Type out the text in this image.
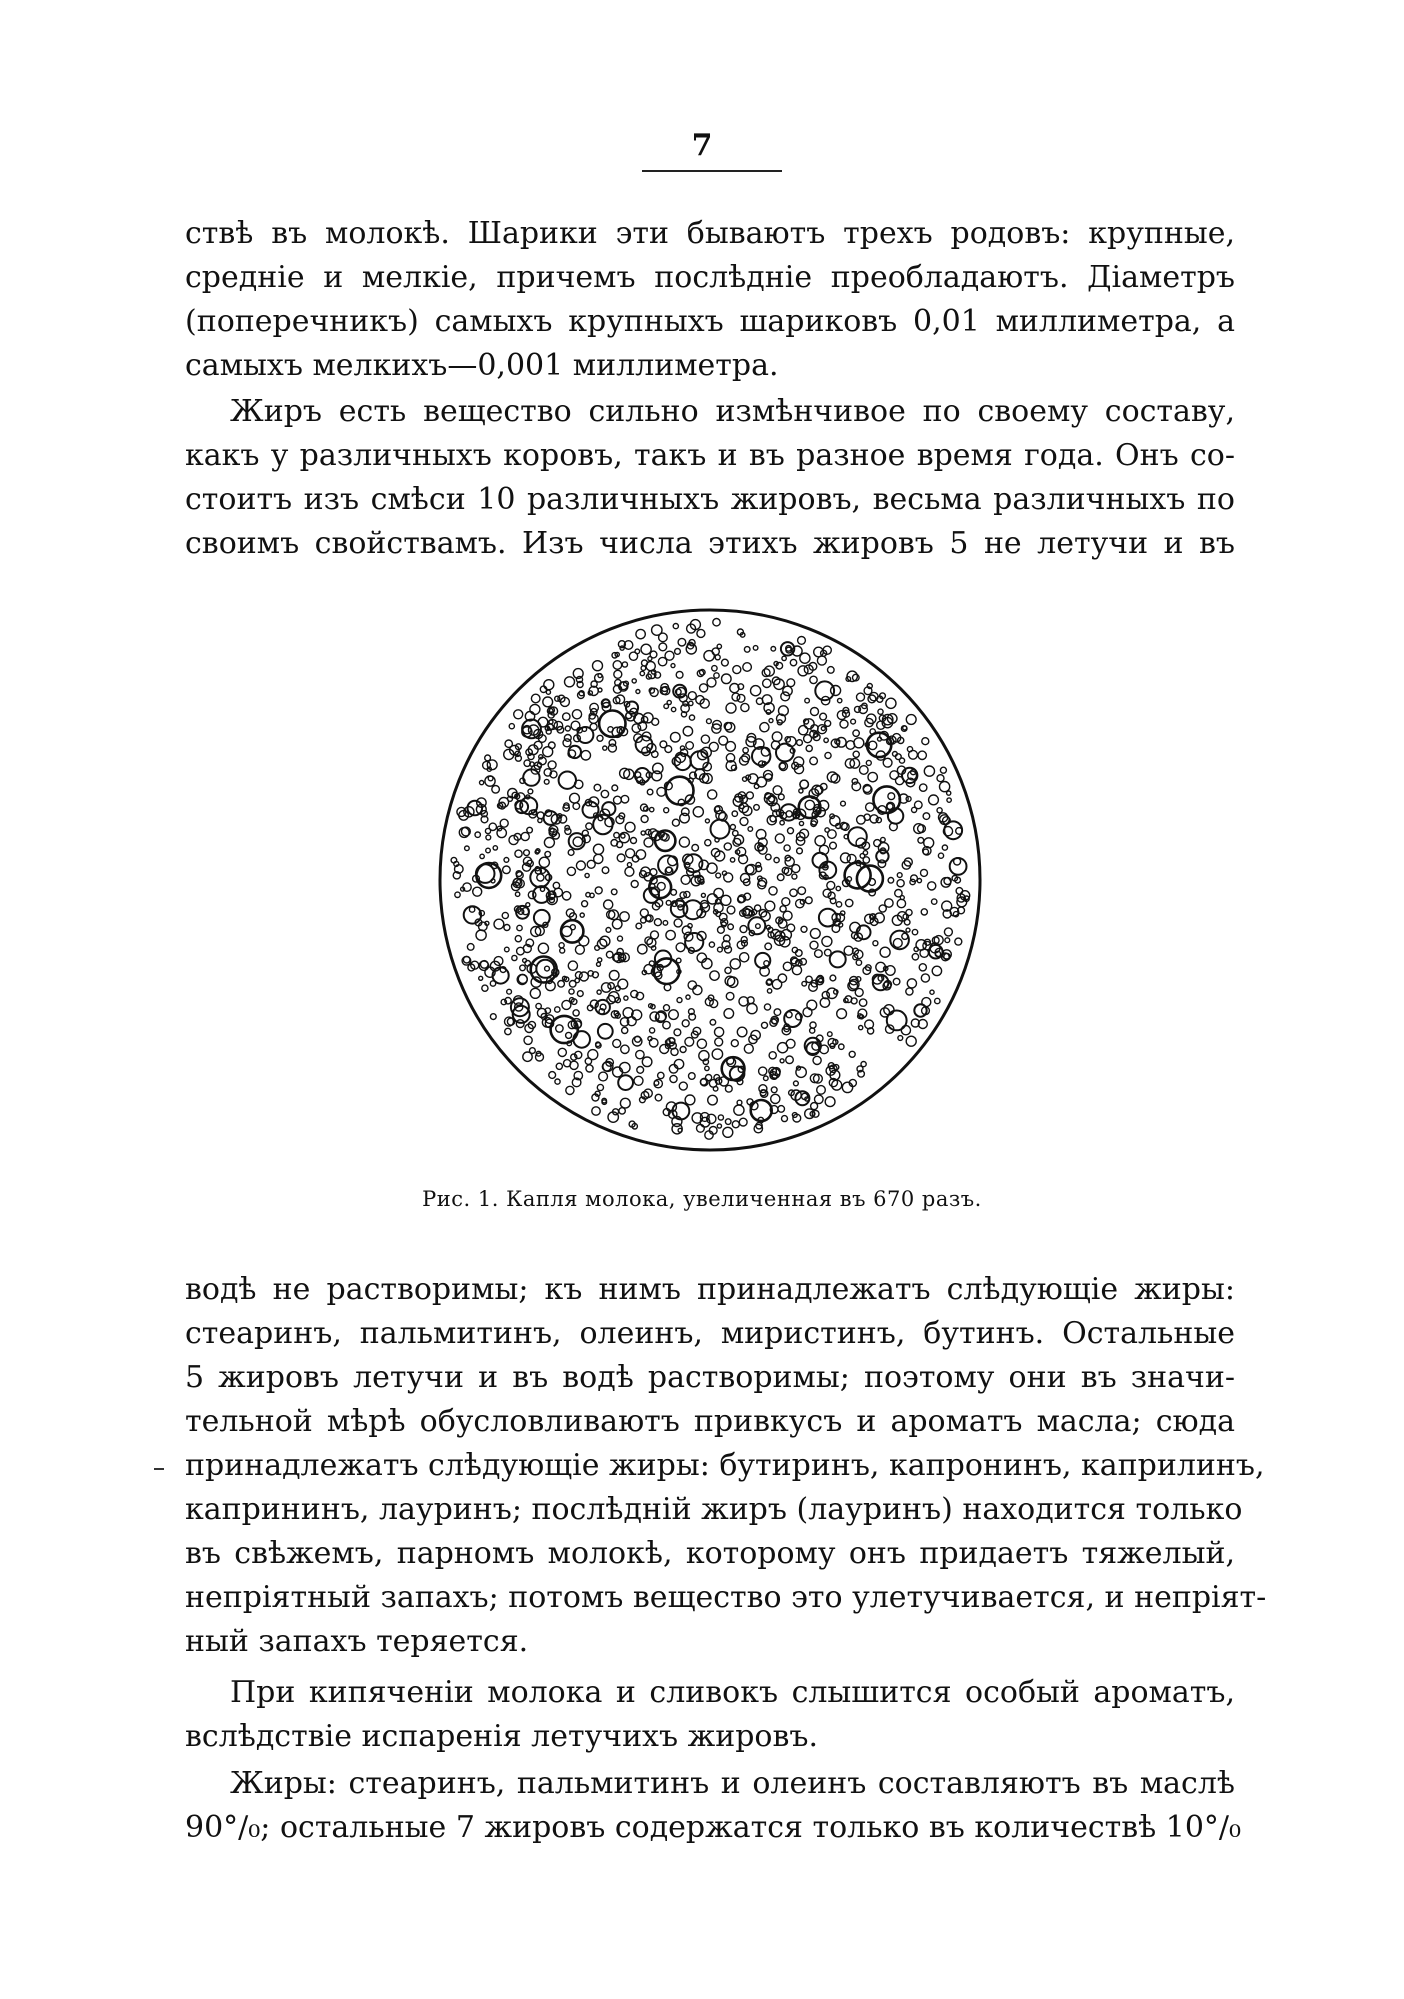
7
ствѣ въ молокѣ. Шарики эти бываютъ трехъ родовъ: крупные,
средніе и мелкіе, причемъ послѣдніе преобладаютъ. Діаметръ
(поперечникъ) самыхъ крупныхъ шариковъ 0,01 миллиметра, а
самыхъ мелкихъ—0,001 миллиметра.
Жиръ есть вещество сильно измѣнчивое по своему составу,
какъ у различныхъ коровъ, такъ и въ разное время года. Онъ со-
стоитъ изъ смѣси 10 различныхъ жировъ, весьма различныхъ по
своимъ свойствамъ. Изъ числа этихъ жировъ 5 не летучи и въ
Рис. 1. Капля молока, увеличенная въ 670 разъ.
водѣ не растворимы; къ нимъ принадлежатъ слѣдующіе жиры:
стеаринъ, пальмитинъ, олеинъ, миристинъ, бутинъ. Остальные
5 жировъ летучи и въ водѣ растворимы; поэтому они въ значи-
тельной мѣрѣ обусловливаютъ привкусъ и ароматъ масла; сюда
принадлежатъ слѣдующіе жиры: бутиринъ, капронинъ, каприлинъ,
капрининъ, лауринъ; послѣдній жиръ (лауринъ) находится только
въ свѣжемъ, парномъ молокѣ, которому онъ придаетъ тяжелый,
непріятный запахъ; потомъ вещество это улетучивается, и непріят-
ный запахъ теряется.
При кипяченіи молока и сливокъ слышится особый ароматъ,
вслѣдствіе испаренія летучихъ жировъ.
Жиры: стеаринъ, пальмитинъ и олеинъ составляютъ въ маслѣ
90°/₀; остальные 7 жировъ содержатся только въ количествѣ 10°/₀
